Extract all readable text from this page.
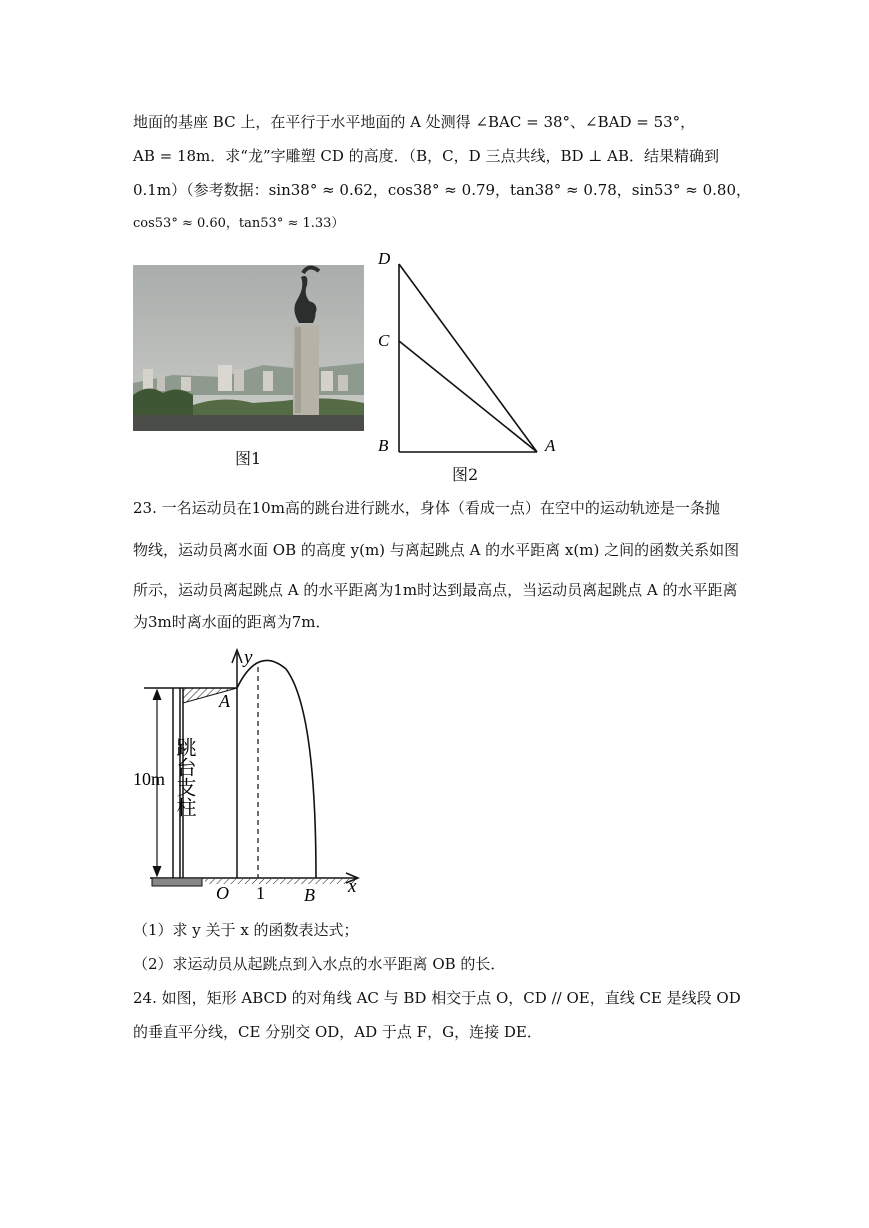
地面的基座 BC 上，在平行于水平地面的 A 处测得 ∠BAC = 38°、∠BAD = 53°，
AB = 18m．求“龙”字雕塑 CD 的高度．（B，C，D 三点共线，BD ⊥ AB．结果精确到
0.1m）（参考数据：sin38° ≈ 0.62，cos38° ≈ 0.79，tan38° ≈ 0.78，sin53° ≈ 0.80，
cos53° ≈ 0.60，tan53° ≈ 1.33）
图1
D
C
B	A
图2
23. 一名运动员在10m高的跳台进行跳水，身体（看成一点）在空中的运动轨迹是一条抛
物线，运动员离水面 OB 的高度 y(m) 与离起跳点 A 的水平距离 x(m) 之间的函数关系如图
所示，运动员离起跳点 A 的水平距离为1m时达到最高点，当运动员离起跳点 A 的水平距离
为3m时离水面的距离为7m．
y
x
A
O 1 B
10m 跳台支柱
（1）求 y 关于 x 的函数表达式；
（2）求运动员从起跳点到入水点的水平距离 OB 的长．
24. 如图，矩形 ABCD 的对角线 AC 与 BD 相交于点 O，CD // OE，直线 CE 是线段 OD
的垂直平分线，CE 分别交 OD，AD 于点 F，G，连接 DE．
